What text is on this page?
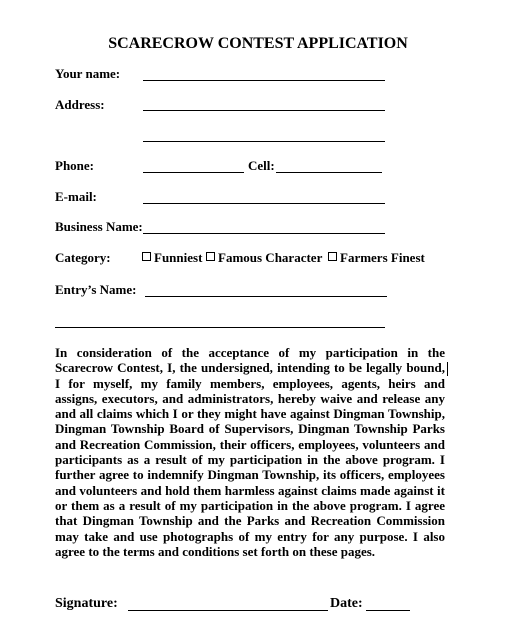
SCARECROW CONTEST APPLICATION
Your name:
Address:
Phone:	Cell:
E-mail:
Business Name:
Category:	Funniest	Famous Character	Farmers Finest
Entry’s Name:

In consideration of the acceptance of my participation in the Scarecrow Contest, I, the undersigned, intending to be legally bound, I for myself, my family members, employees, agents, heirs and assigns, executors, and administrators, hereby waive and release any and all claims which I or they might have against Dingman Township, Dingman Township Board of Supervisors, Dingman Township Parks and Recreation Commission, their officers, employees, volunteers and participants as a result of my participation in the above program. I further agree to indemnify Dingman Township, its officers, employees and volunteers and hold them harmless against claims made against it or them as a result of my participation in the above program. I agree that Dingman Township and the Parks and Recreation Commission may take and use photographs of my entry for any purpose. I also agree to the terms and conditions set forth on these pages.

Signature:	Date:
